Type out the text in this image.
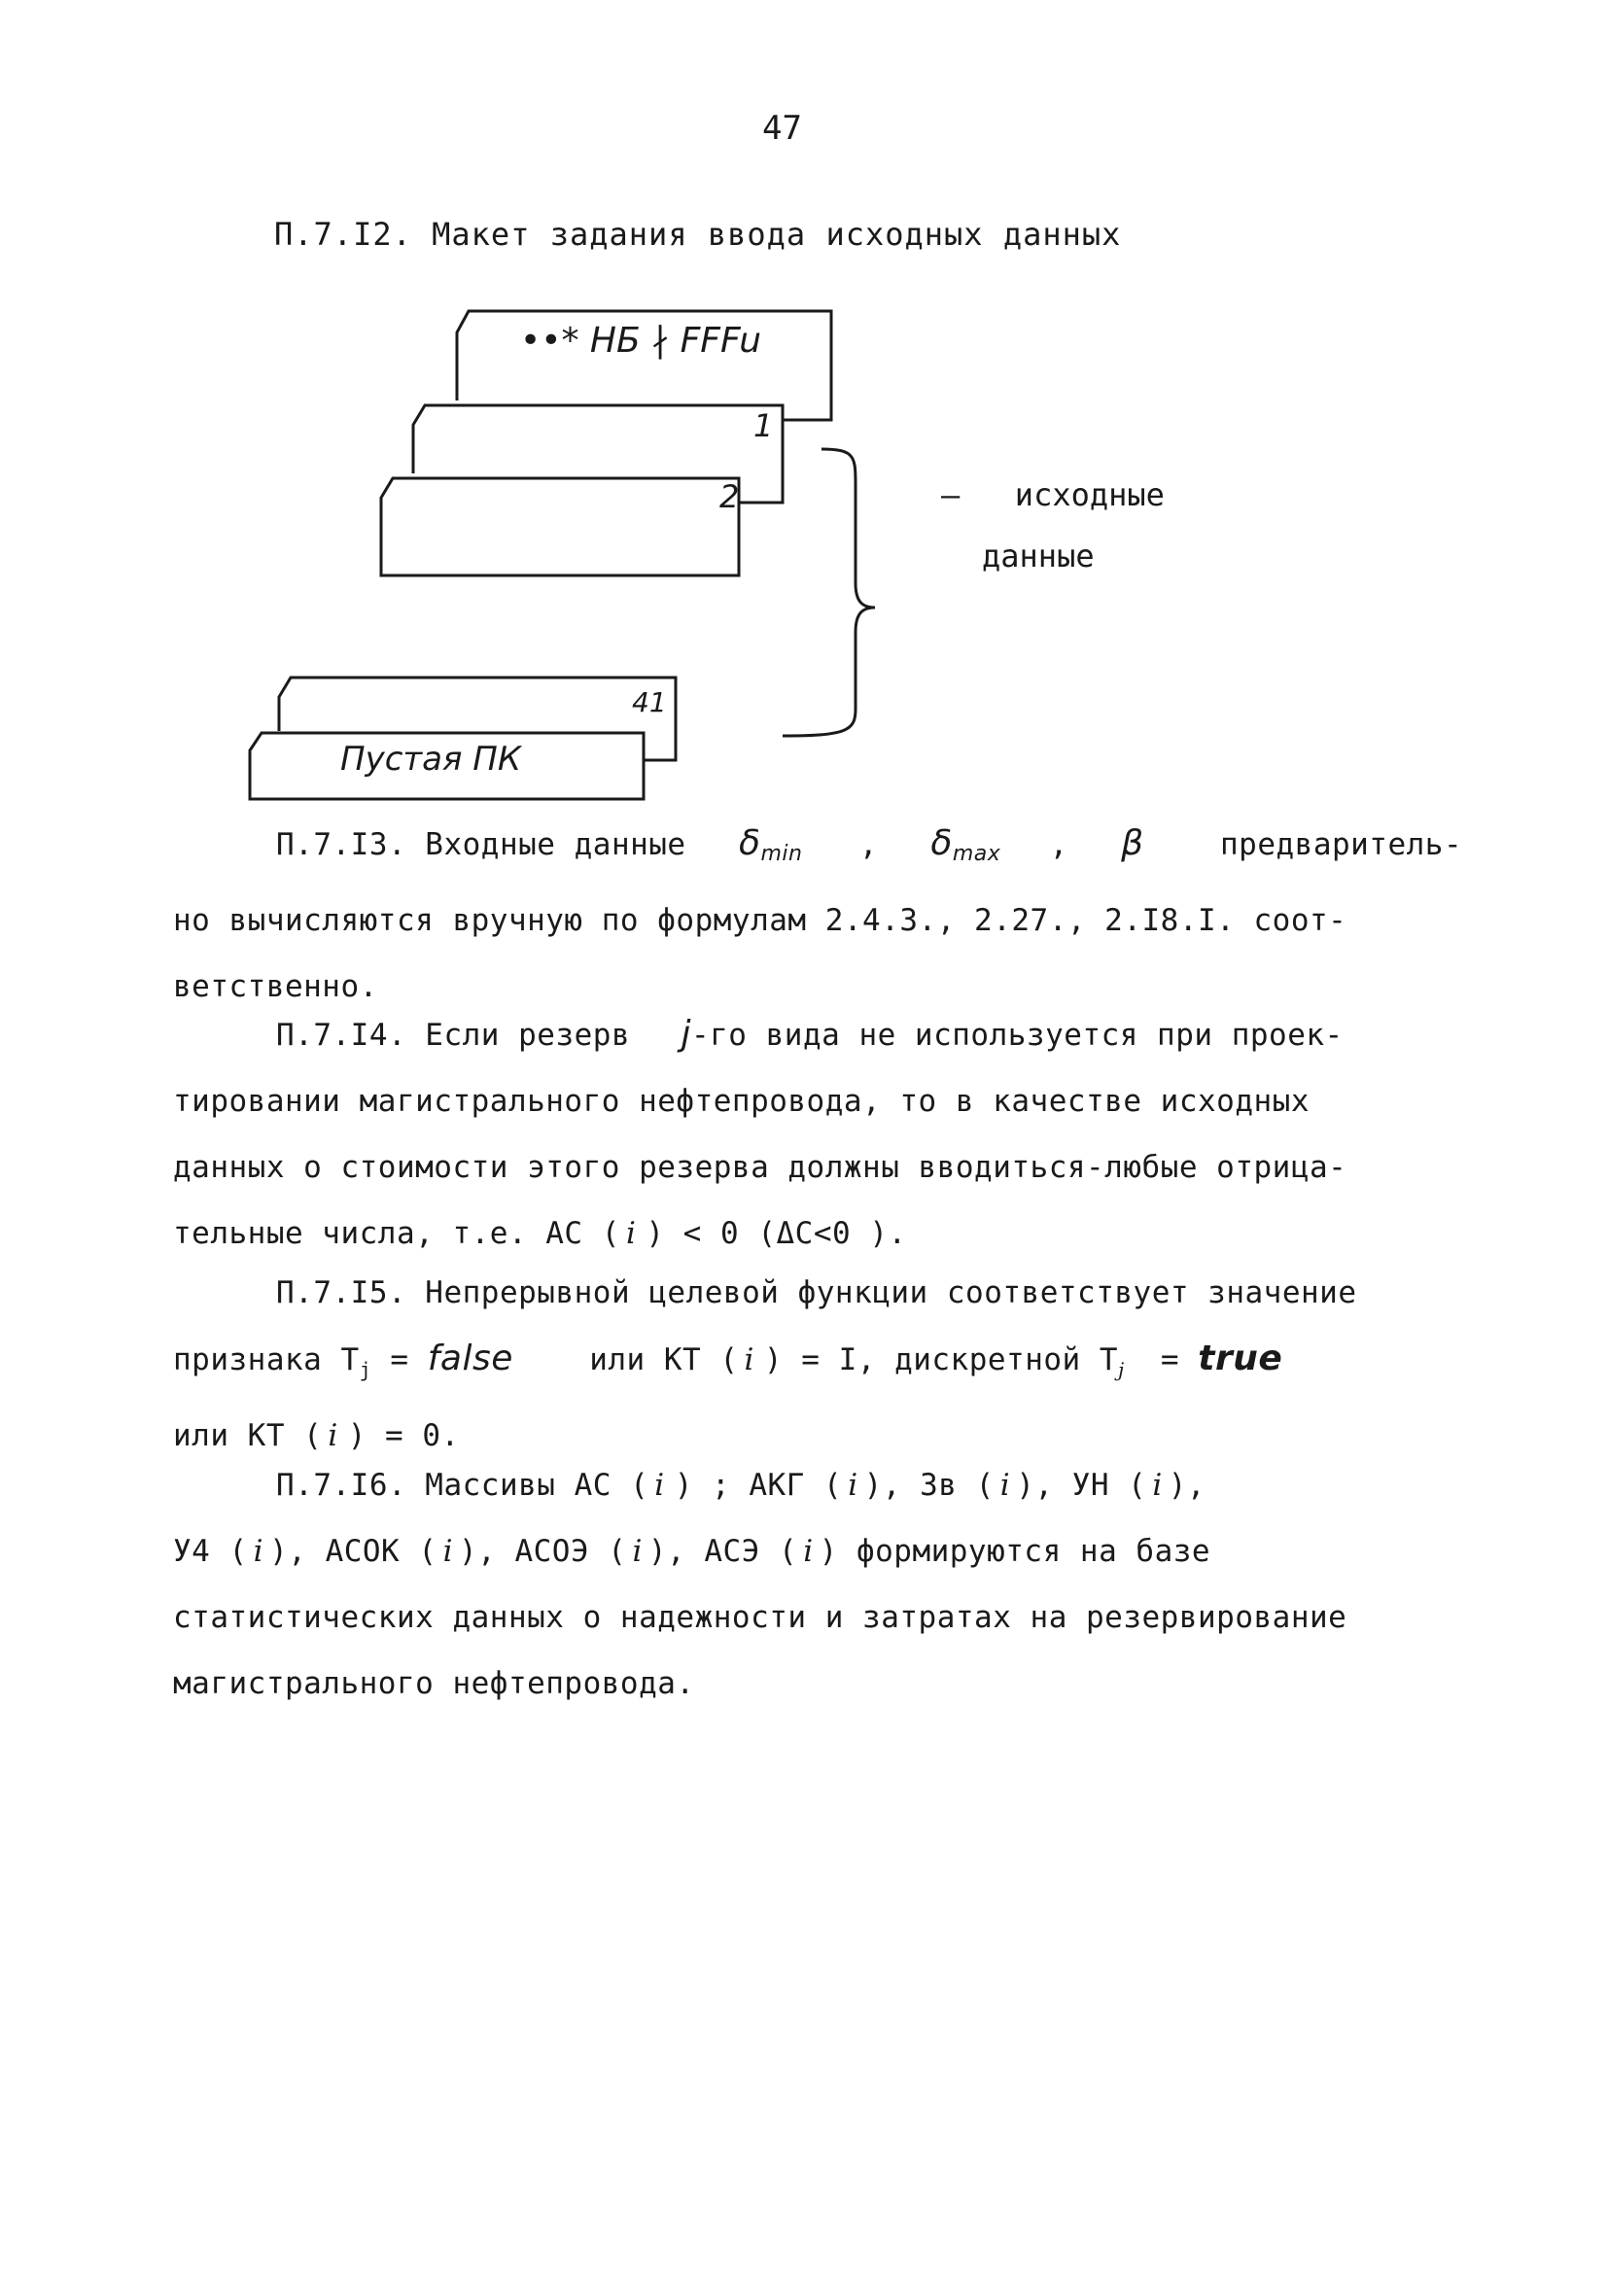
47
П.7.I2. Макет задания ввода исходных данных
••* НБ ∤ FFFu
1
2
41
Пустая ПК
– исходные
данные
П.7.I3. Входные данные $\delta_{min}$ , $\delta_{max}$ , β	предваритель-
но вычисляются вручную по формулам 2.4.3., 2.27., 2.I8.I. соот-
ветственно.
П.7.I4. Если резерв j-го вида не используется при проек-
тировании магистрального нефтепровода, то в качестве исходных
данных о стоимости этого резерва должны вводиться-любые отрица-
тельные числа, т.е. АС ( i ) < 0 (ΔС<0 ).
П.7.I5. Непрерывной целевой функции соответствует значение
признака $T_j$ = false	или КТ ( i ) = I, дискретной $T_j$ = true
или КТ ( i ) = 0.
П.7.I6. Массивы АС ( i ) ; АКГ ( i ), Зв ( i ), УН ( i ),
У4 ( i ), АСОК ( i ), АСОЭ ( i ), АСЭ ( i ) формируются на базе
статистических данных о надежности и затратах на резервирование
магистрального нефтепровода.
